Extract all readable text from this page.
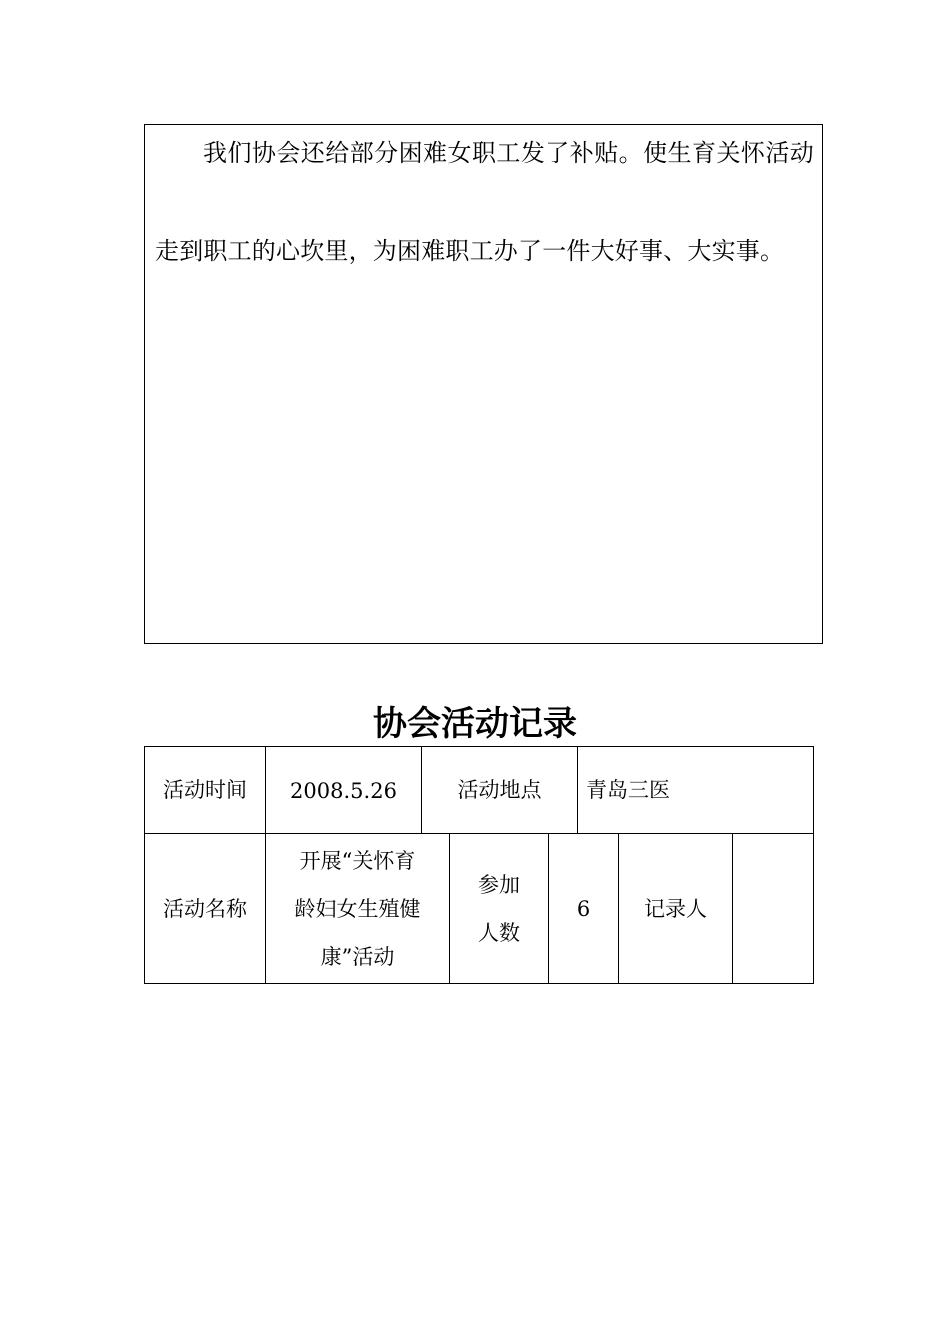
我们协会还给部分困难女职工发了补贴。使生育关怀活动走到职工的心坎里，为困难职工办了一件大好事、大实事。

协会活动记录
活动时间 2008.5.26	活动地点 青岛三医
活动名称
开展“关怀育
龄妇女生殖健
康”活动
参加
人数
6	记录人
